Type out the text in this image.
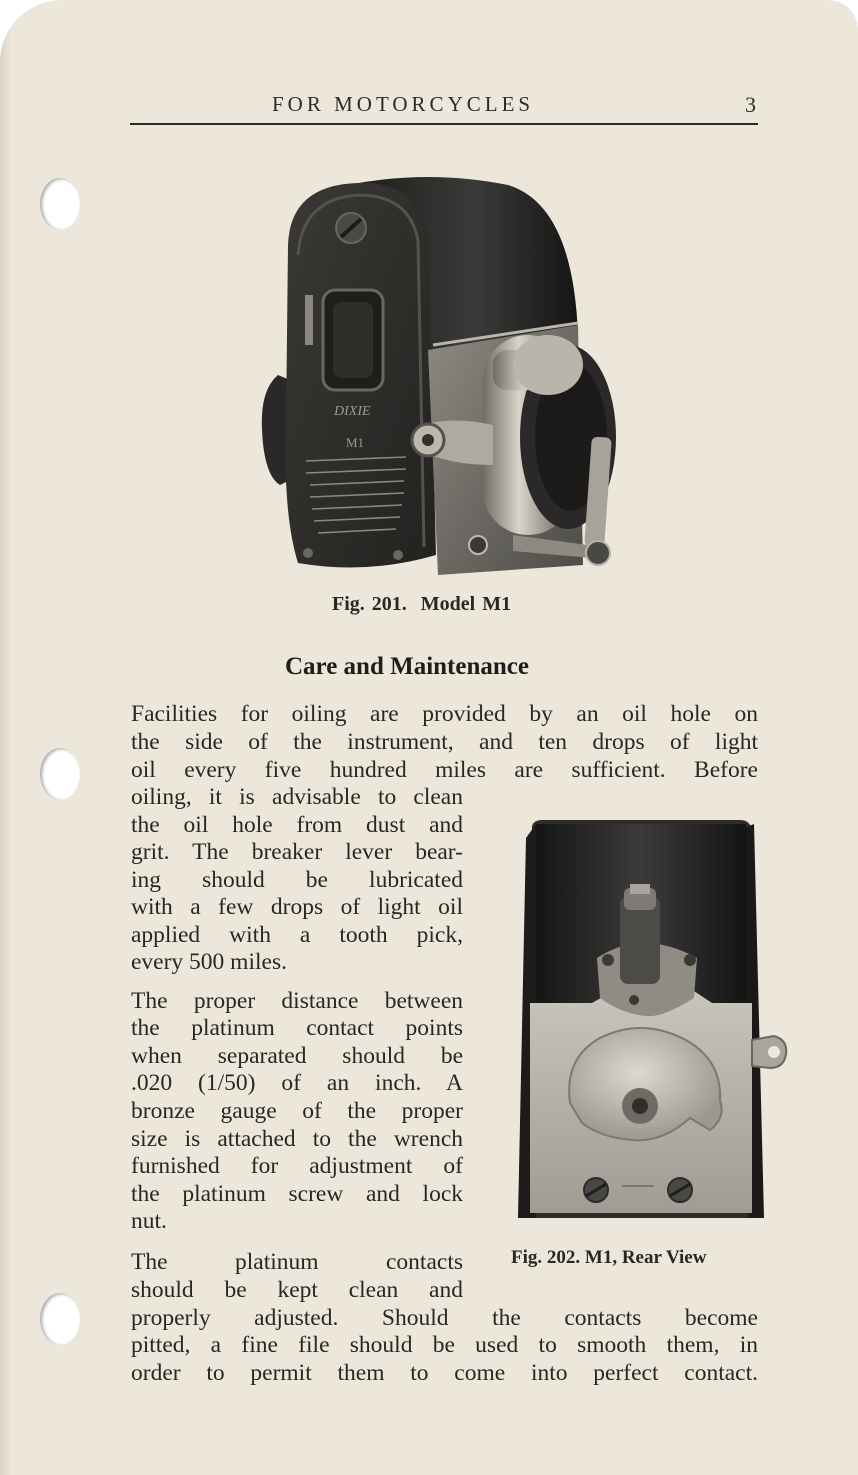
FOR MOTORCYCLES	3
DIXIE
M1
Fig. 201. Model M1
Care and Maintenance
Facilities for oiling are provided by an oil hole on
the side of the instrument, and ten drops of light
oil every five hundred miles are sufficient. Before
oiling, it is advisable to clean
the oil hole from dust and
grit. The breaker lever bear-
ing should be lubricated
with a few drops of light oil
applied with a tooth pick,
every 500 miles.
The proper distance between
the platinum contact points
when separated should be
.020 (1/50) of an inch. A
bronze gauge of the proper
size is attached to the wrench
furnished for adjustment of
the platinum screw and lock
nut.
The platinum contacts
should be kept clean and
properly adjusted. Should the contacts become
pitted, a fine file should be used to smooth them, in
order to permit them to come into perfect contact.
Fig. 202. M1, Rear View
